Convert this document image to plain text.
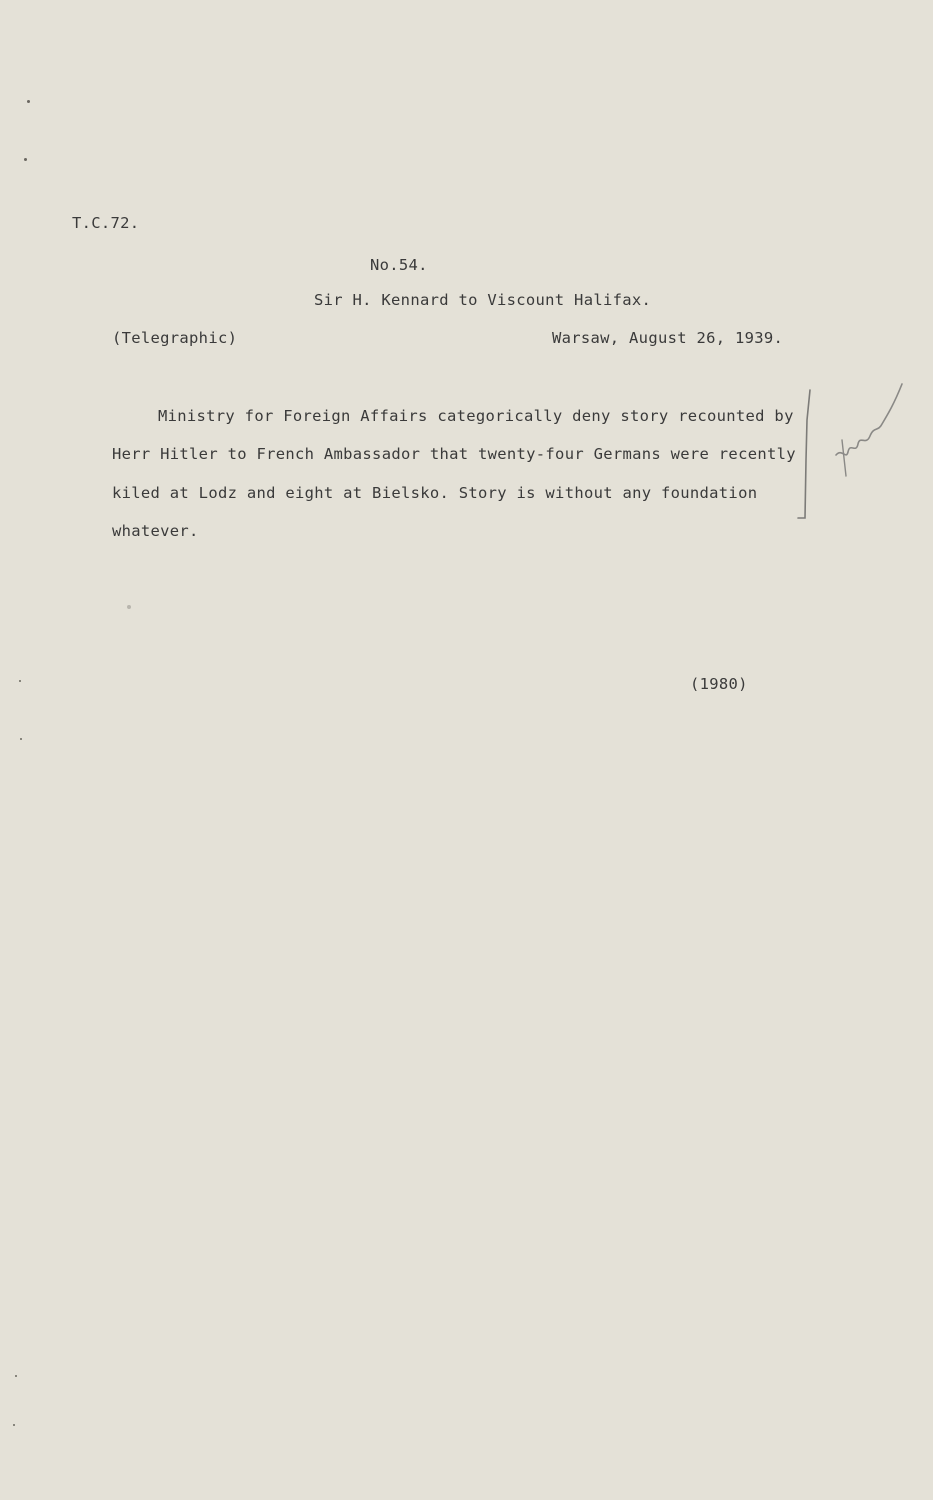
T.C.72.
No.54.
Sir H. Kennard to Viscount Halifax.
(Telegraphic)	Warsaw, August 26, 1939.
Ministry for Foreign Affairs categorically deny story recounted by
Herr Hitler to French Ambassador that twenty-four Germans were recently
kiled at Lodz and eight at Bielsko. Story is without any foundation
whatever.
(1980)
